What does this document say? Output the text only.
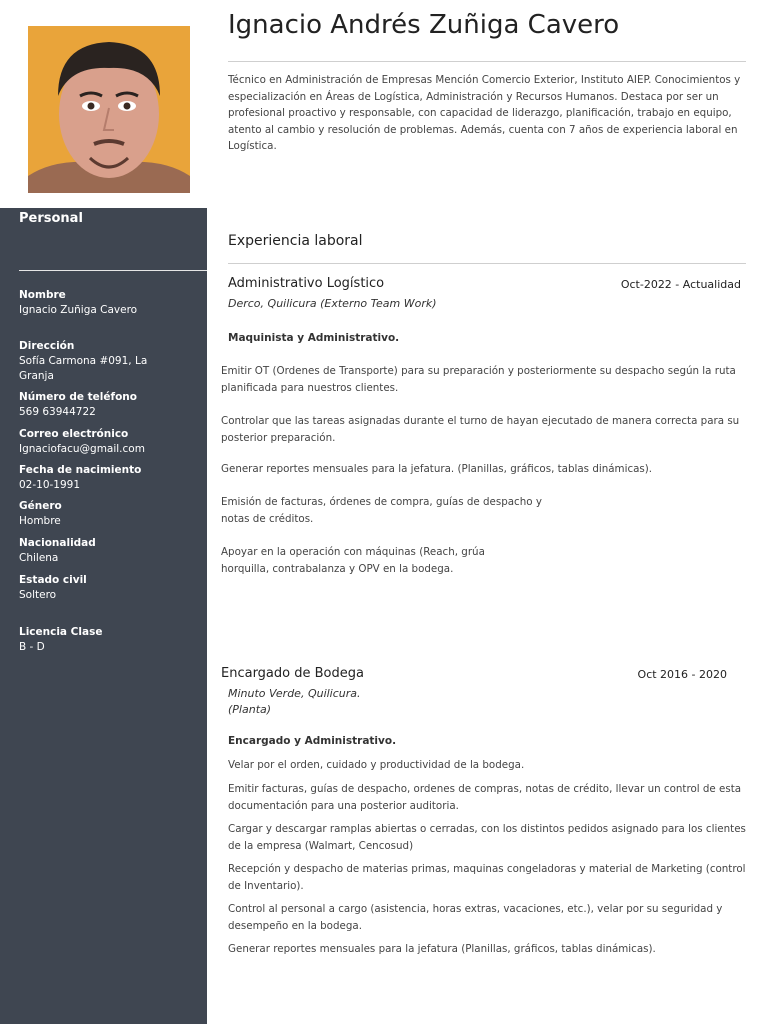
Ignacio Andrés Zuñiga Cavero
Técnico en Administración de Empresas Mención Comercio Exterior, Instituto AIEP. Conocimientos y especialización en Áreas de Logística, Administración y Recursos Humanos. Destaca por ser un profesional proactivo y responsable, con capacidad de liderazgo, planificación, trabajo en equipo, atento al cambio y resolución de problemas. Además, cuenta con 7 años de experiencia laboral en Logística.
Personal
Nombre
Ignacio Zuñiga Cavero
Dirección
Sofía Carmona #091, La Granja
Número de teléfono
569 63944722
Correo electrónico
Ignaciofacu@gmail.com
Fecha de nacimiento
02-10-1991
Género
Hombre
Nacionalidad
Chilena
Estado civil
Soltero
Licencia Clase
B - D
Experiencia laboral
Administrativo Logístico	Oct-2022 - Actualidad
Derco, Quilicura (Externo Team Work)
Maquinista y Administrativo.
Emitir OT (Ordenes de Transporte) para su preparación y posteriormente su despacho según la ruta planificada para nuestros clientes.
Controlar que las tareas asignadas durante el turno de hayan ejecutado de manera correcta para su posterior preparación.
Generar reportes mensuales para la jefatura. (Planillas, gráficos, tablas dinámicas).
Emisión de facturas, órdenes de compra, guías de despacho y notas de créditos.
Apoyar en la operación con máquinas (Reach, grúa horquilla, contrabalanza y OPV en la bodega.
Encargado de Bodega	Oct 2016 - 2020
Minuto Verde, Quilicura.
(Planta)
Encargado y Administrativo.
Velar por el orden, cuidado y productividad de la bodega.
Emitir facturas, guías de despacho, ordenes de compras, notas de crédito, llevar un control de esta documentación para una posterior auditoria.
Cargar y descargar ramplas abiertas o cerradas, con los distintos pedidos asignado para los clientes de la empresa (Walmart, Cencosud)
Recepción y despacho de materias primas, maquinas congeladoras y material de Marketing (control de Inventario).
Control al personal a cargo (asistencia, horas extras, vacaciones, etc.), velar por su seguridad y desempeño en la bodega.
Generar reportes mensuales para la jefatura (Planillas, gráficos, tablas dinámicas).
